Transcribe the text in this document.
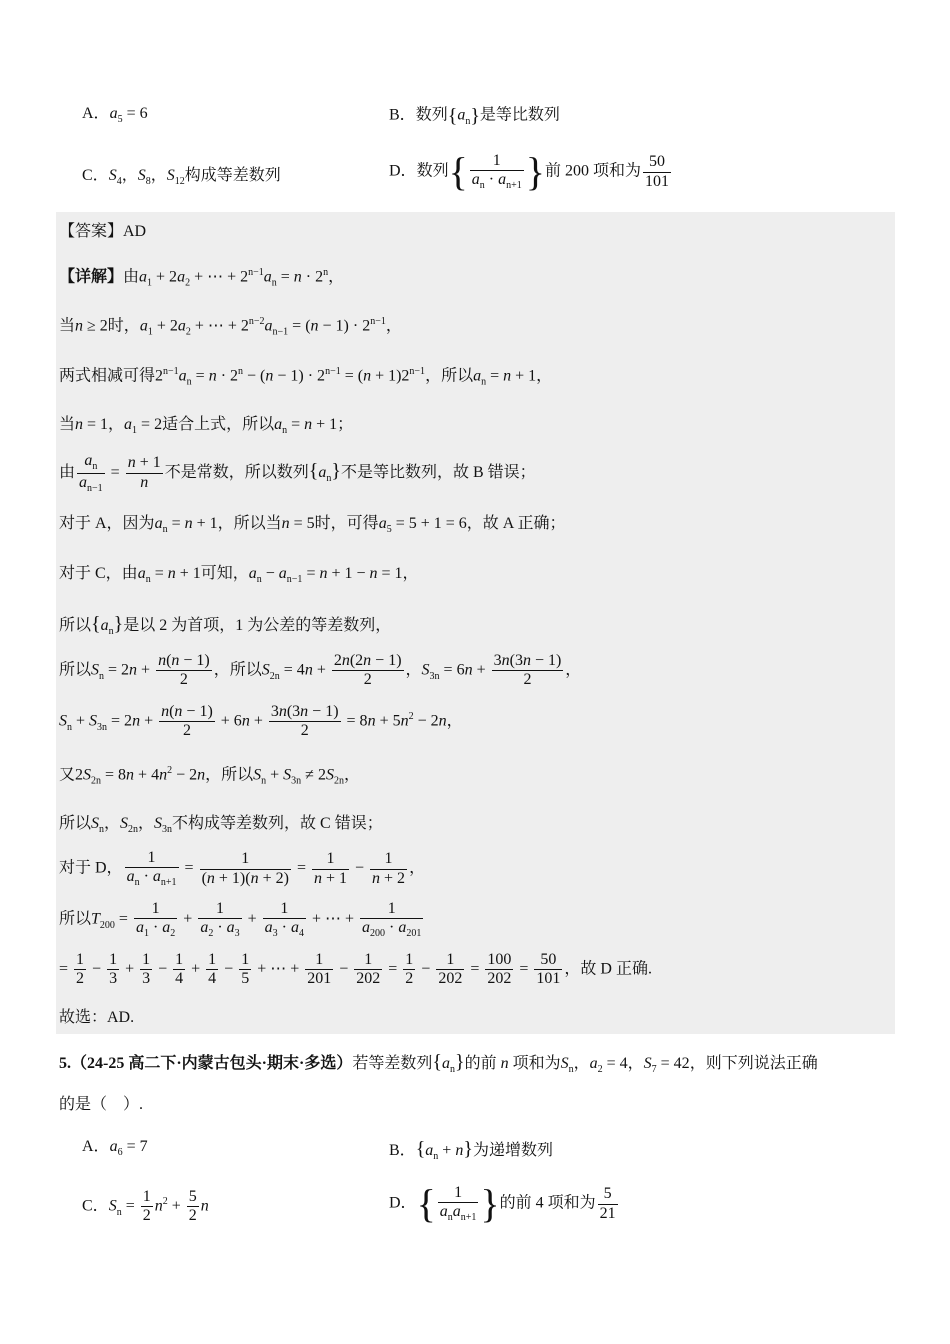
A．$a_5 = 6$	B．数列$\{a_n\}$是等比数列
C．$S_4$，$S_8$，$S_{12}$构成等差数列	D．数列{ $\frac{1}{a_n \cdot a_{n+1}}$ }前 200 项和为 $\frac{50}{101}$
【答案】AD
【详解】由$a_1 + 2a_2$ + ⋯ + $2^{n-1}a_n = n \cdot 2^n$，
当n ≥ 2时，$a_1 + 2a_2$ + ⋯ + $2^{n-2}a_{n-1} = (n - 1) \cdot 2^{n-1}$，
两式相减可得$2^{n-1}a_n = n \cdot 2^n - (n - 1) \cdot 2^{n-1} = (n + 1)2^{n-1}$，所以$a_n = n + 1$，
当n = 1，$a_1 = 2$适合上式，所以$a_n = n + 1$；
由 $\frac{a_n}{a_{n-1}} = \frac{n + 1}{n}$ 不是常数，所以数列$\{a_n\}$不是等比数列，故 B 错误；
对于 A，因为$a_n = n + 1$，所以当n = 5时，可得$a_5 = 5 + 1 = 6$，故 A 正确；
对于 C，由$a_n = n + 1$可知，$a_n - a_{n-1} = n + 1 - n = 1$，
所以$\{a_n\}$是以 2 为首项，1 为公差的等差数列，
所以$S_n = 2n + \frac{n(n - 1)}{2}$ ，所以$S_{2n} = 4n + \frac{2n(2n - 1)}{2}$ ，$S_{3n} = 6n + \frac{3n(3n - 1)}{2}$ ，
$S_n + S_{3n} = 2n + \frac{n(n - 1)}{2} + 6n + \frac{3n(3n - 1)}{2} = 8n + 5n^2 - 2n$，
又$2S_{2n} = 8n + 4n^2 - 2n$，所以$S_n + S_{3n} \ne 2S_{2n}$，
所以$S_n$，$S_{2n}$，$S_{3n}$不构成等差数列，故 C 错误；
对于 D， $\frac{1}{a_n \cdot a_{n+1}} = \frac{1}{(n + 1)(n + 2)} = \frac{1}{n + 1} - \frac{1}{n + 2}$ ，
所以$T_{200} = \frac{1}{a_1 \cdot a_2} + \frac{1}{a_2 \cdot a_3} + \frac{1}{a_3 \cdot a_4}$ + ⋯ + $\frac{1}{a_{200} \cdot a_{201}}$
= $\frac{1}{2} - \frac{1}{3} + \frac{1}{3} - \frac{1}{4} + \frac{1}{4} - \frac{1}{5}$ + ⋯ + $\frac{1}{201} - \frac{1}{202} = \frac{1}{2} - \frac{1}{202} = \frac{100}{202} = \frac{50}{101}$ ，故 D 正确.
故选：AD.
5.（24-25 高二下·内蒙古包头·期末·多选）若等差数列$\{a_n\}$的前 n 项和为$S_n$，$a_2 = 4$，$S_7 = 42$，则下列说法正确
的是（　）.
A．$a_6 = 7$	B．$\{a_n + n\}$为递增数列
C．$S_n = \frac{1}{2} n^2 + \frac{5}{2}$ n	D．{ $\frac{1}{a_na_{n+1}}$ }的前 4 项和为 $\frac{5}{21}$
